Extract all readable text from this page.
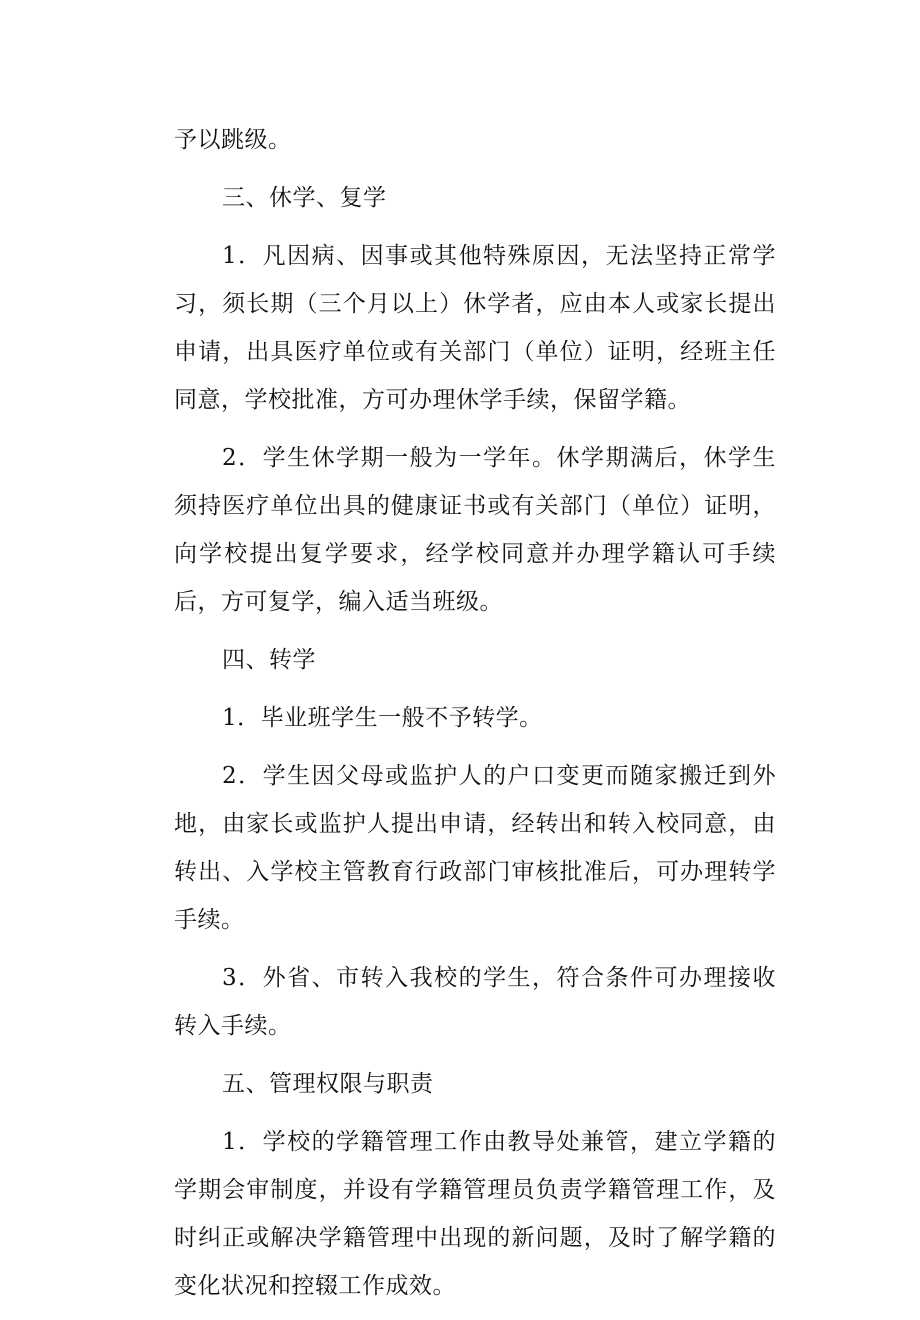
予以跳级。

三、休学、复学

1．凡因病、因事或其他特殊原因，无法坚持正常学习，须长期（三个月以上）休学者，应由本人或家长提出申请，出具医疗单位或有关部门（单位）证明，经班主任同意，学校批准，方可办理休学手续，保留学籍。

2．学生休学期一般为一学年。休学期满后，休学生须持医疗单位出具的健康证书或有关部门（单位）证明，向学校提出复学要求，经学校同意并办理学籍认可手续后，方可复学，编入适当班级。

四、转学

1．毕业班学生一般不予转学。

2．学生因父母或监护人的户口变更而随家搬迁到外地，由家长或监护人提出申请，经转出和转入校同意，由转出、入学校主管教育行政部门审核批准后，可办理转学手续。

3．外省、市转入我校的学生，符合条件可办理接收转入手续。

五、管理权限与职责

1．学校的学籍管理工作由教导处兼管，建立学籍的学期会审制度，并设有学籍管理员负责学籍管理工作，及时纠正或解决学籍管理中出现的新问题，及时了解学籍的变化状况和控辍工作成效。
